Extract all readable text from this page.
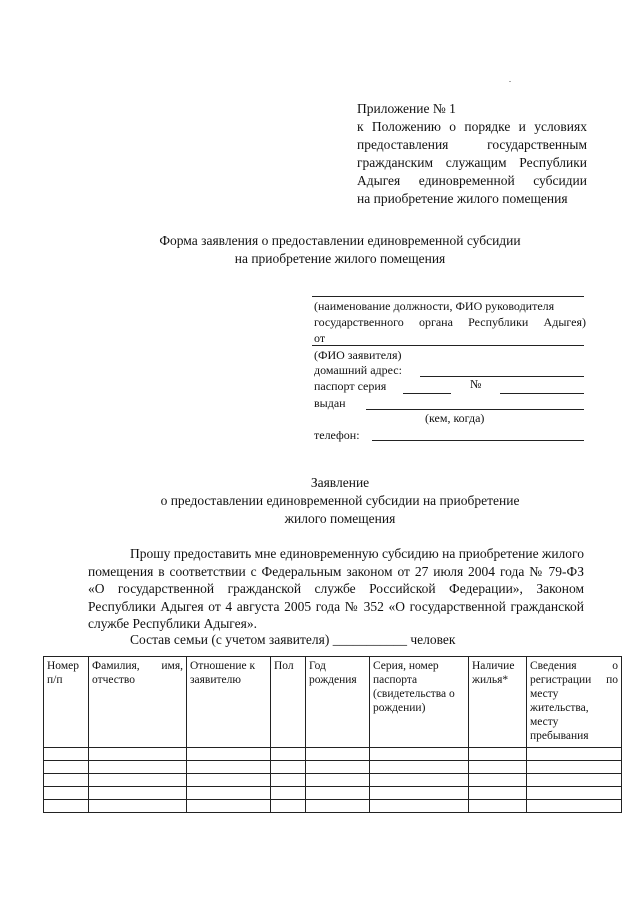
.
Приложение № 1
к Положению о порядке и условиях
предоставления государственным
гражданским служащим Республики
Адыгея единовременной субсидии
на приобретение жилого помещения
Форма заявления о предоставлении единовременной субсидии
на приобретение жилого помещения
(наименование должности, ФИО руководителя
государственного органа Республики Адыгея)
от
(ФИО заявителя)
домашний адрес:
паспорт серия	№
выдан
(кем, когда)
телефон:
Заявление
о предоставлении единовременной субсидии на приобретение
жилого помещения
Прошу предоставить мне единовременную субсидию на приобретение жилого помещения в соответствии с Федеральным законом от 27 июля 2004 года № 79-ФЗ «О государственной гражданской службе Российской Федерации», Законом Республики Адыгея от 4 августа 2005 года № 352 «О государственной гражданской службе Республики Адыгея».
Состав семьи (с учетом заявителя) ___________ человек
Номер п/п	Фамилия, имя, отчество	Отношение к заявителю	Пол	Год рождения	Серия, номер паспорта (свидетельства о рождении)	Наличие жилья*	Сведения о регистрации по месту жительства, месту пребывания
